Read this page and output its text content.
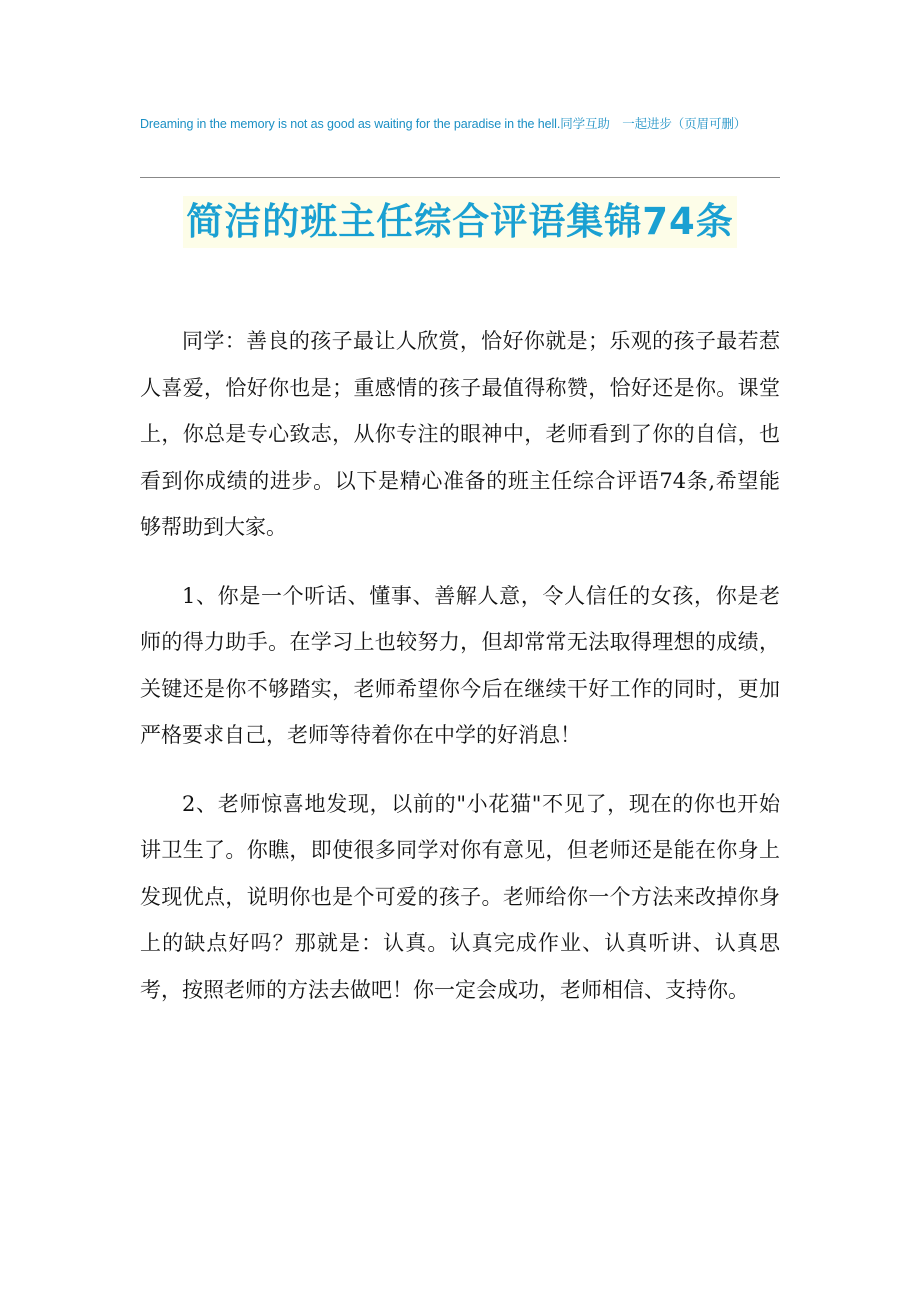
Dreaming in the memory is not as good as waiting for the paradise in the hell.同学互助　一起进步（页眉可删）
简洁的班主任综合评语集锦74条

同学：善良的孩子最让人欣赏，恰好你就是；乐观的孩子最若惹人喜爱，恰好你也是；重感情的孩子最值得称赞，恰好还是你。课堂上，你总是专心致志，从你专注的眼神中，老师看到了你的自信，也看到你成绩的进步。以下是精心准备的班主任综合评语74条,希望能够帮助到大家。

1、你是一个听话、懂事、善解人意，令人信任的女孩，你是老师的得力助手。在学习上也较努力，但却常常无法取得理想的成绩，关键还是你不够踏实，老师希望你今后在继续干好工作的同时，更加严格要求自己，老师等待着你在中学的好消息！

2、老师惊喜地发现，以前的"小花猫"不见了，现在的你也开始讲卫生了。你瞧，即使很多同学对你有意见，但老师还是能在你身上发现优点，说明你也是个可爱的孩子。老师给你一个方法来改掉你身上的缺点好吗？那就是：认真。认真完成作业、认真听讲、认真思考，按照老师的方法去做吧！你一定会成功，老师相信、支持你。
